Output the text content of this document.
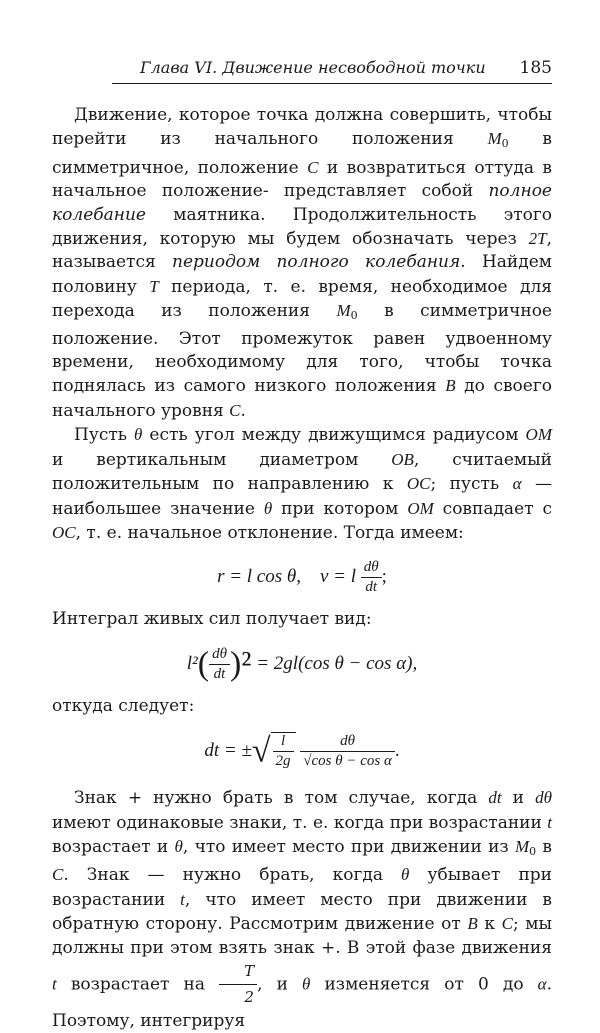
Глава VI. Движение несвободной точки 185

Движение, которое точка должна совершить, чтобы перейти из начального положения $M_0$ в симметричное, положение C и возвратиться оттуда в начальное положение- представляет собой полное колебание маятника. Продолжительность этого движения, которую мы будем обозначать через 2T, называется периодом полного колебания. Найдем половину T периода, т. е. время, необходимое для перехода из положения $M_0$ в симметричное положение. Этот промежуток равен удвоенному времени, необходимому для того, чтобы точка поднялась из самого низкого положения B до своего начального уровня C.

Пусть θ есть угол между движущимся радиусом OM и вертикальным диаметром OB, считаемый положительным по направлению к OC; пусть α — наибольшее значение θ при котором OM совпадает с OC, т. е. начальное отклонение. Тогда имеем:

r = l cos θ, v = l $\frac{d\theta}{dt}$ ;

Интеграл живых сил получает вид:

$l^2( \frac{d\theta}{dt} )^2 = 2gl(\cos$ θ − cos α),

откуда следует:

dt = ±√ $\frac{l}{2g}$
$\frac{d\theta}{\text{√cos θ − cos α}}$ .

Знак + нужно брать в том случае, когда dt и dθ имеют одинаковые знаки, т. е. когда при возрастании t возрастает и θ, что имеет место при движении из $M_0$ в C. Знак — нужно брать, когда θ убывает при возрастании t, что имеет место при движении в обратную сторону. Рассмотрим движение от B к C; мы должны при этом взять знак +. В этой фазе движения t возрастает на $\frac{T}{2}$ , и θ изменяется от 0 до α. Поэтому, интегрируя
